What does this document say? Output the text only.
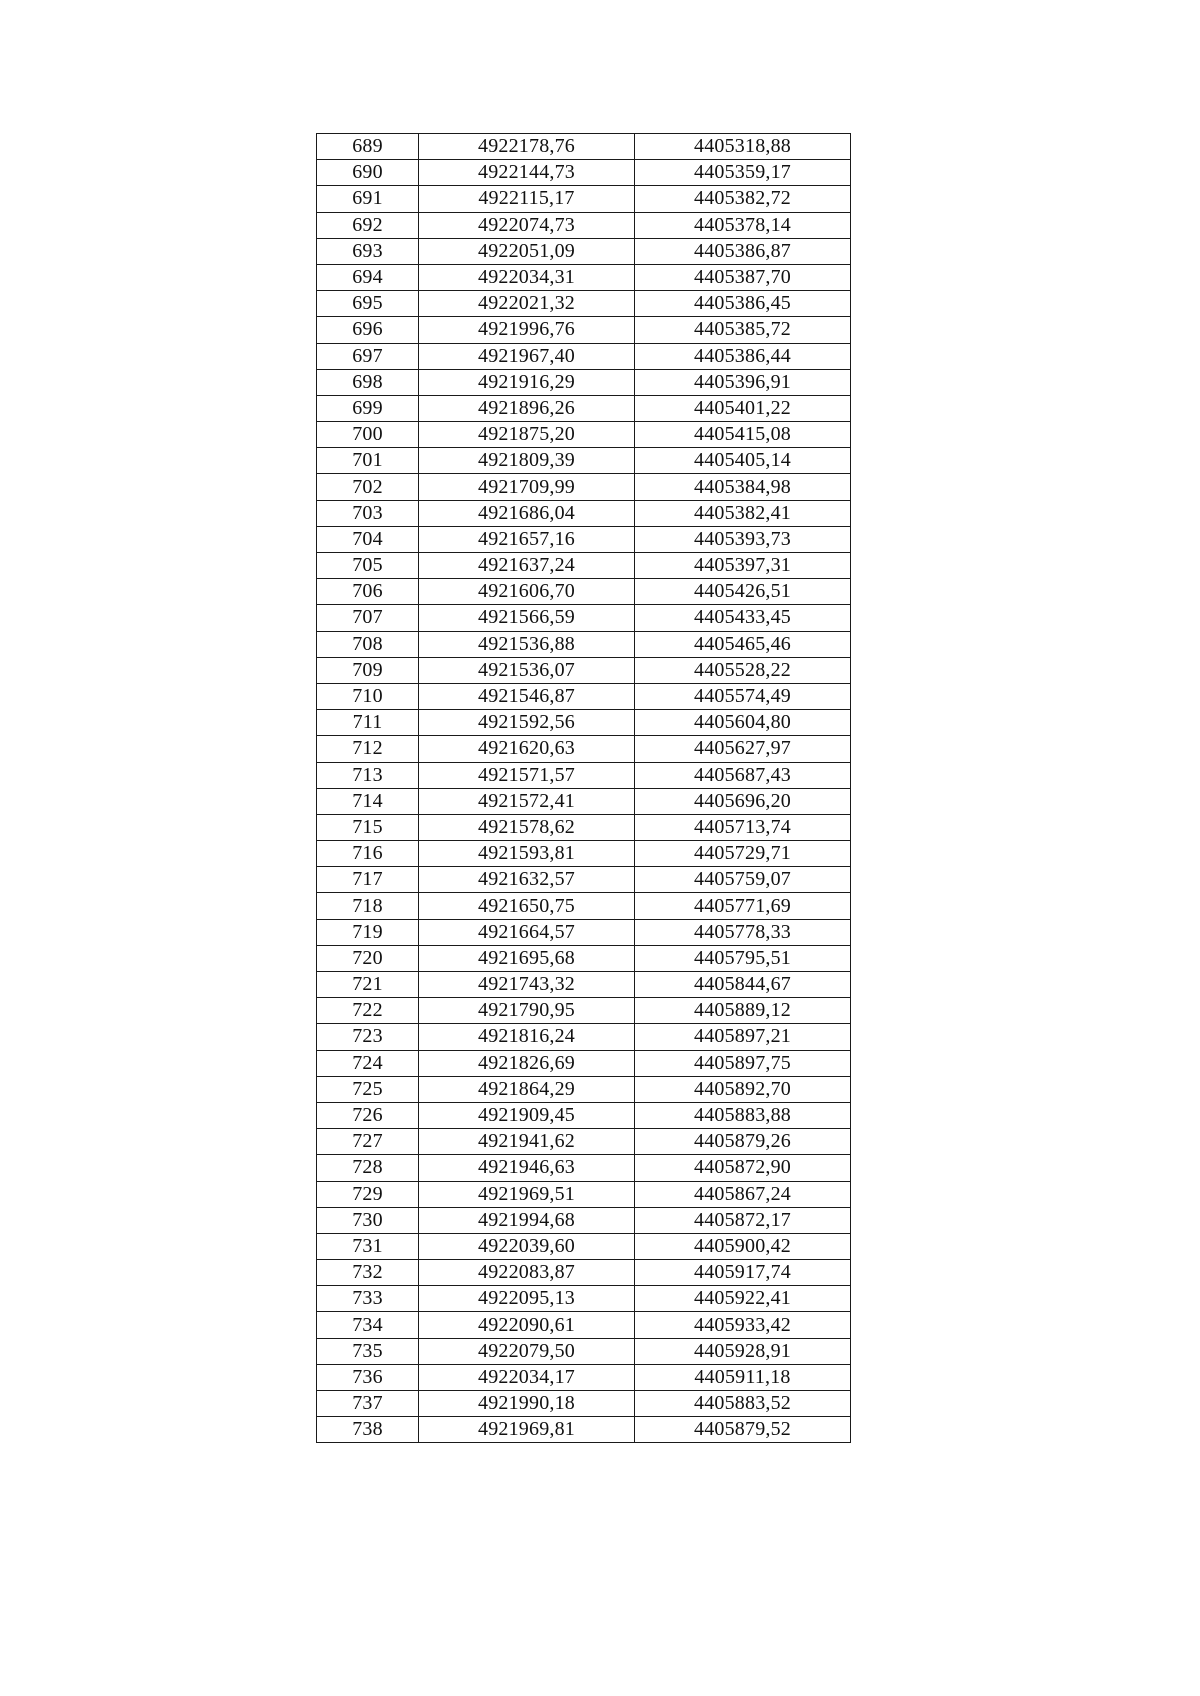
689	4922178,76	4405318,88
690	4922144,73	4405359,17
691	4922115,17	4405382,72
692	4922074,73	4405378,14
693	4922051,09	4405386,87
694	4922034,31	4405387,70
695	4922021,32	4405386,45
696	4921996,76	4405385,72
697	4921967,40	4405386,44
698	4921916,29	4405396,91
699	4921896,26	4405401,22
700	4921875,20	4405415,08
701	4921809,39	4405405,14
702	4921709,99	4405384,98
703	4921686,04	4405382,41
704	4921657,16	4405393,73
705	4921637,24	4405397,31
706	4921606,70	4405426,51
707	4921566,59	4405433,45
708	4921536,88	4405465,46
709	4921536,07	4405528,22
710	4921546,87	4405574,49
711	4921592,56	4405604,80
712	4921620,63	4405627,97
713	4921571,57	4405687,43
714	4921572,41	4405696,20
715	4921578,62	4405713,74
716	4921593,81	4405729,71
717	4921632,57	4405759,07
718	4921650,75	4405771,69
719	4921664,57	4405778,33
720	4921695,68	4405795,51
721	4921743,32	4405844,67
722	4921790,95	4405889,12
723	4921816,24	4405897,21
724	4921826,69	4405897,75
725	4921864,29	4405892,70
726	4921909,45	4405883,88
727	4921941,62	4405879,26
728	4921946,63	4405872,90
729	4921969,51	4405867,24
730	4921994,68	4405872,17
731	4922039,60	4405900,42
732	4922083,87	4405917,74
733	4922095,13	4405922,41
734	4922090,61	4405933,42
735	4922079,50	4405928,91
736	4922034,17	4405911,18
737	4921990,18	4405883,52
738	4921969,81	4405879,52
